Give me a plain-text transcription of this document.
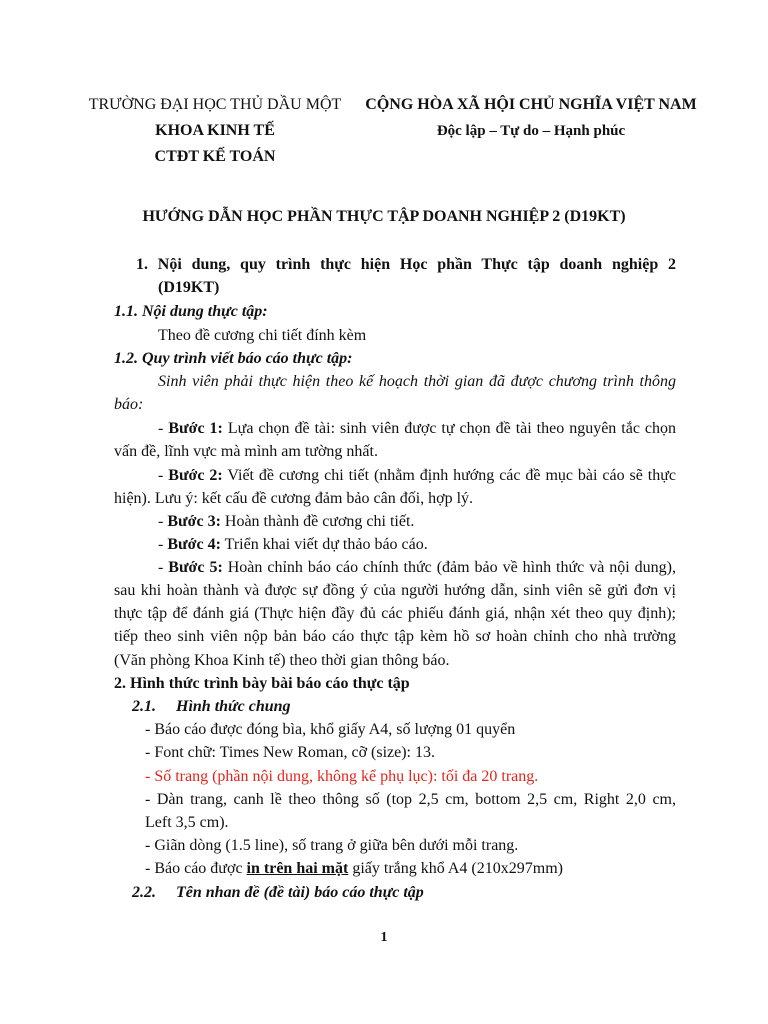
TRƯỜNG ĐẠI HỌC THỦ DẦU MỘT
KHOA KINH TẾ
CTĐT KẾ TOÁN
CỘNG HÒA XÃ HỘI CHỦ NGHĨA VIỆT NAM
Độc lập – Tự do – Hạnh phúc
HƯỚNG DẪN HỌC PHẦN THỰC TẬP DOANH NGHIỆP 2 (D19KT)
1. Nội dung, quy trình thực hiện Học phần Thực tập doanh nghiệp 2
(D19KT)
1.1. Nội dung thực tập:
Theo đề cương chi tiết đính kèm
1.2. Quy trình viết báo cáo thực tập:
Sinh viên phải thực hiện theo kế hoạch thời gian đã được chương trình thông
báo:
- Bước 1: Lựa chọn đề tài: sinh viên được tự chọn đề tài theo nguyên tắc chọn
vấn đề, lĩnh vực mà mình am tường nhất.
- Bước 2: Viết đề cương chi tiết (nhằm định hướng các đề mục bài cáo sẽ thực
hiện). Lưu ý: kết cấu đề cương đảm bảo cân đối, hợp lý.
- Bước 3: Hoàn thành đề cương chi tiết.
- Bước 4: Triển khai viết dự thảo báo cáo.
- Bước 5: Hoàn chỉnh báo cáo chính thức (đảm bảo về hình thức và nội dung),
sau khi hoàn thành và được sự đồng ý của người hướng dẫn, sinh viên sẽ gửi đơn vị
thực tập để đánh giá (Thực hiện đầy đủ các phiếu đánh giá, nhận xét theo quy định);
tiếp theo sinh viên nộp bản báo cáo thực tập kèm hồ sơ hoàn chỉnh cho nhà trường
(Văn phòng Khoa Kinh tế) theo thời gian thông báo.
2. Hình thức trình bày bài báo cáo thực tập
2.1.	Hình thức chung
- Báo cáo được đóng bìa, khổ giấy A4, số lượng 01 quyển
- Font chữ: Times New Roman, cỡ (size): 13.
- Số trang (phần nội dung, không kể phụ lục): tối đa 20 trang.
- Dàn trang, canh lề theo thông số (top 2,5 cm, bottom 2,5 cm, Right 2,0 cm,
Left 3,5 cm).
- Giãn dòng (1.5 line), số trang ở giữa bên dưới mỗi trang.
- Báo cáo được in trên hai mặt giấy trắng khổ A4 (210x297mm)
2.2.	Tên nhan đề (đề tài) báo cáo thực tập
1
